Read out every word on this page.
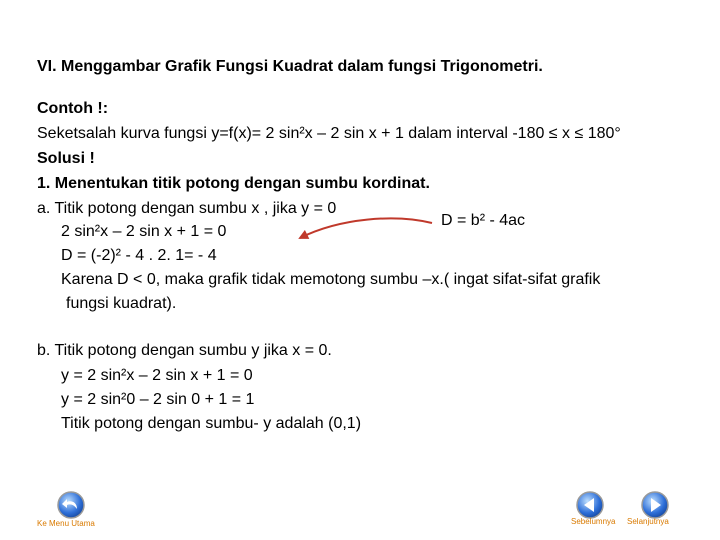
VI. Menggambar Grafik Fungsi Kuadrat dalam fungsi Trigonometri.
Contoh !:
Seketsalah kurva fungsi y=f(x)= 2 sin²x – 2 sin x + 1 dalam interval -180 ≤ x ≤ 180°
Solusi !
1. Menentukan titik potong dengan sumbu kordinat.
a. Titik potong dengan sumbu x , jika y = 0
D = b² - 4ac
2 sin²x – 2 sin x + 1 = 0
D = (-2)² - 4 . 2. 1= - 4
Karena D < 0, maka grafik tidak memotong sumbu –x.( ingat sifat-sifat grafik
fungsi kuadrat).
b. Titik potong dengan sumbu y jika x = 0.
y = 2 sin²x – 2 sin x + 1 = 0
y = 2 sin²0 – 2 sin 0 + 1 = 1
Titik potong dengan sumbu- y adalah (0,1)
Ke Menu Utama	Sebelumnya Selanjutnya
